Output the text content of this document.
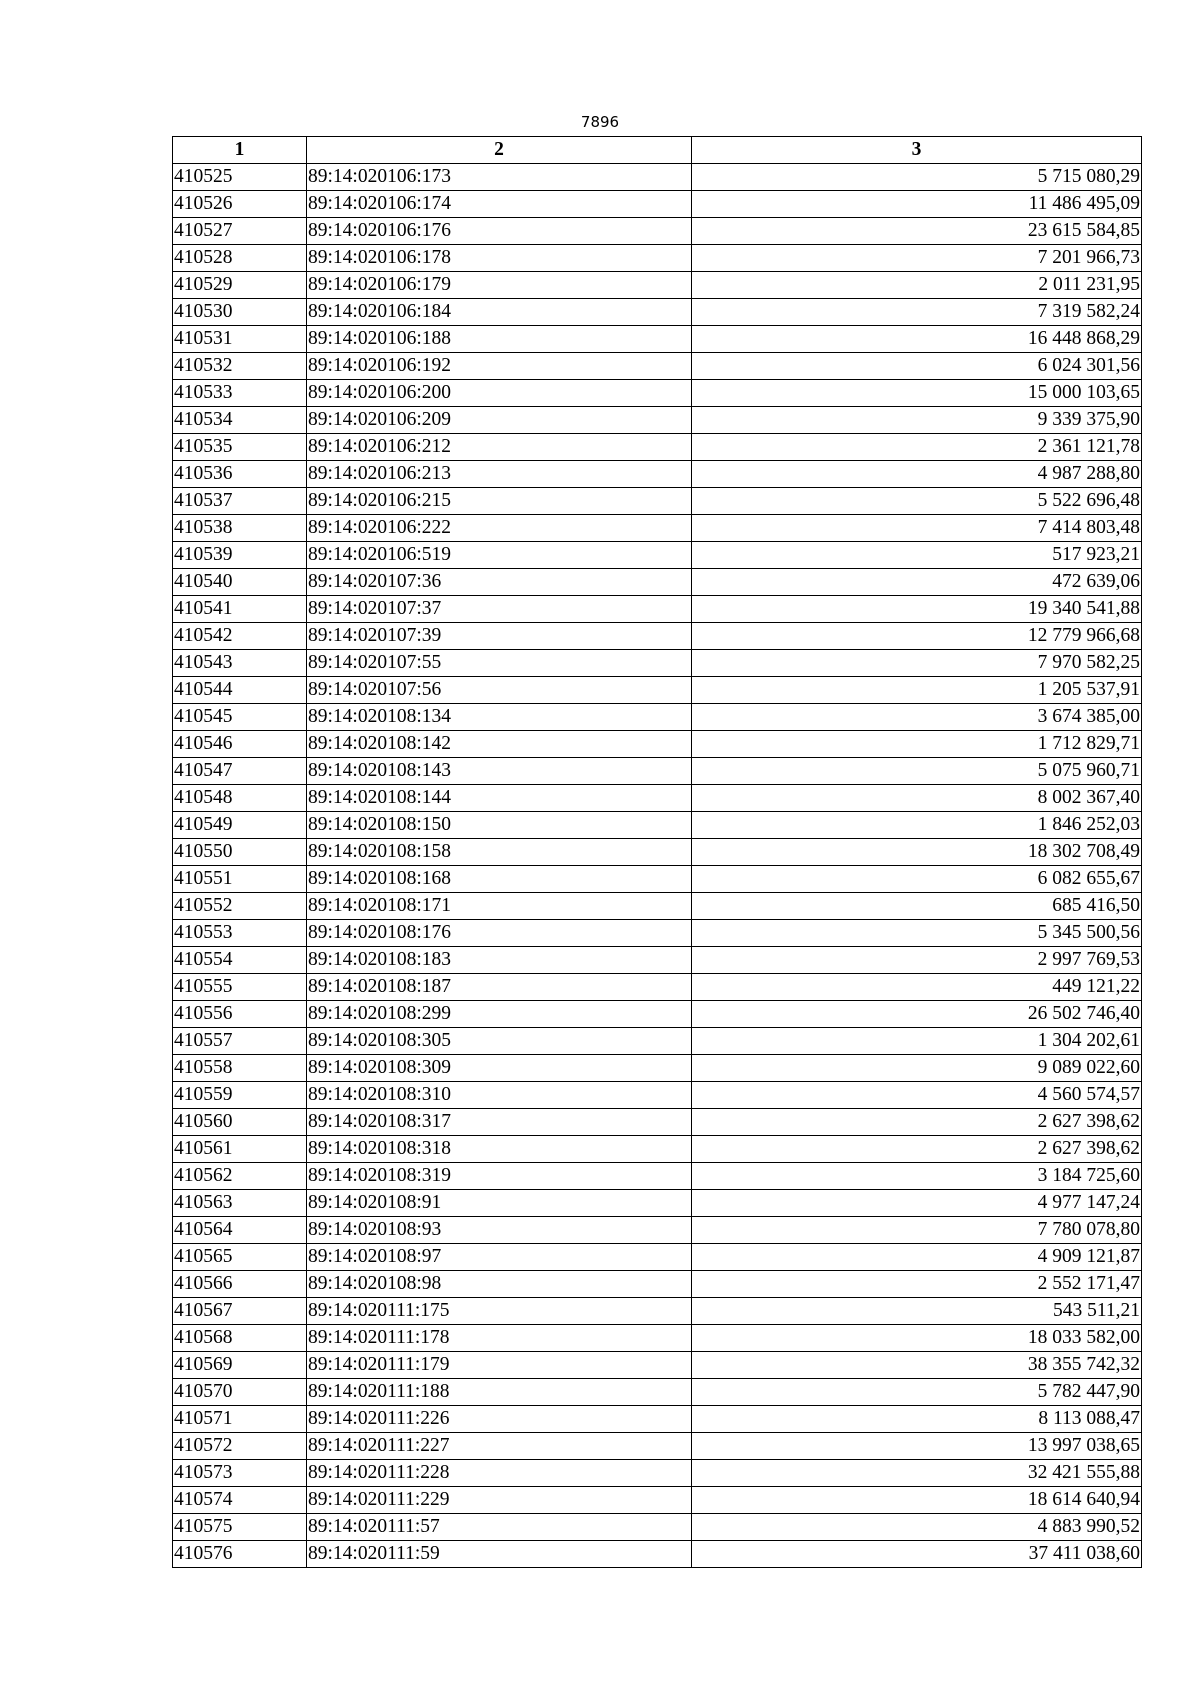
7896
1	2	3
410525	89:14:020106:173	5 715 080,29
410526	89:14:020106:174	11 486 495,09
410527	89:14:020106:176	23 615 584,85
410528	89:14:020106:178	7 201 966,73
410529	89:14:020106:179	2 011 231,95
410530	89:14:020106:184	7 319 582,24
410531	89:14:020106:188	16 448 868,29
410532	89:14:020106:192	6 024 301,56
410533	89:14:020106:200	15 000 103,65
410534	89:14:020106:209	9 339 375,90
410535	89:14:020106:212	2 361 121,78
410536	89:14:020106:213	4 987 288,80
410537	89:14:020106:215	5 522 696,48
410538	89:14:020106:222	7 414 803,48
410539	89:14:020106:519	517 923,21
410540	89:14:020107:36	472 639,06
410541	89:14:020107:37	19 340 541,88
410542	89:14:020107:39	12 779 966,68
410543	89:14:020107:55	7 970 582,25
410544	89:14:020107:56	1 205 537,91
410545	89:14:020108:134	3 674 385,00
410546	89:14:020108:142	1 712 829,71
410547	89:14:020108:143	5 075 960,71
410548	89:14:020108:144	8 002 367,40
410549	89:14:020108:150	1 846 252,03
410550	89:14:020108:158	18 302 708,49
410551	89:14:020108:168	6 082 655,67
410552	89:14:020108:171	685 416,50
410553	89:14:020108:176	5 345 500,56
410554	89:14:020108:183	2 997 769,53
410555	89:14:020108:187	449 121,22
410556	89:14:020108:299	26 502 746,40
410557	89:14:020108:305	1 304 202,61
410558	89:14:020108:309	9 089 022,60
410559	89:14:020108:310	4 560 574,57
410560	89:14:020108:317	2 627 398,62
410561	89:14:020108:318	2 627 398,62
410562	89:14:020108:319	3 184 725,60
410563	89:14:020108:91	4 977 147,24
410564	89:14:020108:93	7 780 078,80
410565	89:14:020108:97	4 909 121,87
410566	89:14:020108:98	2 552 171,47
410567	89:14:020111:175	543 511,21
410568	89:14:020111:178	18 033 582,00
410569	89:14:020111:179	38 355 742,32
410570	89:14:020111:188	5 782 447,90
410571	89:14:020111:226	8 113 088,47
410572	89:14:020111:227	13 997 038,65
410573	89:14:020111:228	32 421 555,88
410574	89:14:020111:229	18 614 640,94
410575	89:14:020111:57	4 883 990,52
410576	89:14:020111:59	37 411 038,60
